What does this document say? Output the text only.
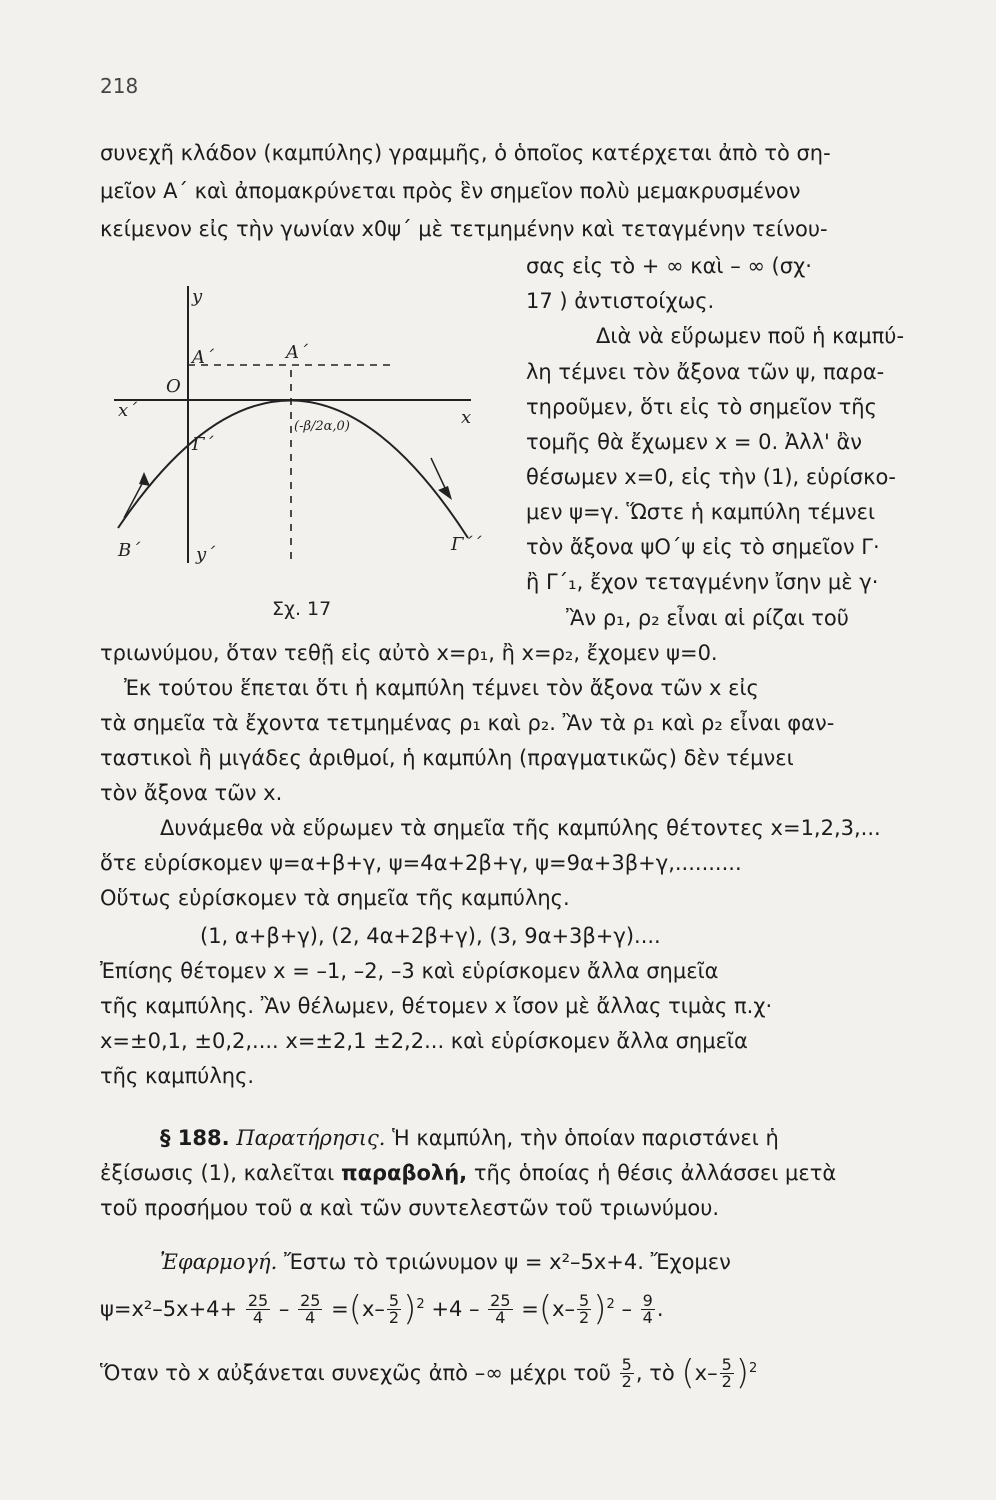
218
συνεχῆ κλάδον (καμπύλης) γραμμῆς, ὁ ὁποῖος κατέρχεται ἀπὸ τὸ ση-
μεῖον Α΄ καὶ ἀπομακρύνεται πρὸς ἓν σημεῖον πολὺ μεμακρυσμένον
κείμενον εἰς τὴν γωνίαν x0ψ΄ μὲ τετμημένην καὶ τεταγμένην τείνου-
σας εἰς τὸ + ∞ καὶ – ∞ (σχ·
17 ) ἀντιστοίχως.
Διὰ νὰ εὕρωμεν ποῦ ἡ καμπύ-
λη τέμνει τὸν ἄξονα τῶν ψ, παρα-
τηροῦμεν, ὅτι εἰς τὸ σημεῖον τῆς
τομῆς θὰ ἔχωμεν x = 0. Ἀλλ' ἂν
θέσωμεν x=0, εἰς τὴν (1), εὑρίσκο-
μεν ψ=γ. Ὥστε ἡ καμπύλη τέμνει
τὸν ἄξονα ψΟ΄ψ εἰς τὸ σημεῖον Γ·
ἢ Γ΄₁, ἔχον τεταγμένην ἴσην μὲ γ·
Ἂν ρ₁, ρ₂ εἶναι αἱ ρίζαι τοῦ
τριωνύμου, ὅταν τεθῇ εἰς αὐτὸ x=ρ₁, ἢ x=ρ₂, ἔχομεν ψ=0.
Ἐκ τούτου ἕπεται ὅτι ἡ καμπύλη τέμνει τὸν ἄξονα τῶν x εἰς
τὰ σημεῖα τὰ ἔχοντα τετμημένας ρ₁ καὶ ρ₂. Ἂν τὰ ρ₁ καὶ ρ₂ εἶναι φαν-
ταστικοὶ ἢ μιγάδες ἀριθμοί, ἡ καμπύλη (πραγματικῶς) δὲν τέμνει
τὸν ἄξονα τῶν x.
Δυνάμεθα νὰ εὕρωμεν τὰ σημεῖα τῆς καμπύλης θέτοντες x=1,2,3,...
ὅτε εὑρίσκομεν ψ=α+β+γ, ψ=4α+2β+γ, ψ=9α+3β+γ,..........
Οὕτως εὑρίσκομεν τὰ σημεῖα τῆς καμπύλης.
(1, α+β+γ), (2, 4α+2β+γ), (3, 9α+3β+γ)....
Ἐπίσης θέτομεν x = –1, –2, –3 καὶ εὑρίσκομεν ἄλλα σημεῖα
τῆς καμπύλης. Ἂν θέλωμεν, θέτομεν x ἴσον μὲ ἄλλας τιμὰς π.χ·
x=±0,1, ±0,2,.... x=±2,1 ±2,2... καὶ εὑρίσκομεν ἄλλα σημεῖα
τῆς καμπύλης.
§ 188. Παρατήρησις. Ἡ καμπύλη, τὴν ὁποίαν παριστάνει ἡ
ἐξίσωσις (1), καλεῖται παραβολή, τῆς ὁποίας ἡ θέσις ἀλλάσσει μετὰ
τοῦ προσήμου τοῦ α καὶ τῶν συντελεστῶν τοῦ τριωνύμου.
Ἐφαρμογή. Ἔστω τὸ τριώνυμον ψ = x²–5x+4. Ἔχομεν
$\psi=x^2-5x+4+ \frac{25}{4} - \frac{25}{4} =(x- \frac{5}{2} )^2 +4 - \frac{25}{4} =(x- \frac{5}{2} )^2 - \frac{9}{4}$ .
Ὅταν τὸ x αὐξάνεται συνεχῶς ἀπὸ –∞ μέχρι τοῦ $\frac{5}{2}$ , τὸ $(x- \frac{5}{2} )^2$
y
Α΄	Α΄
O
x΄	x
(-β/2α,0)
Γ΄
Β΄	y΄	Γ΄΄
Σχ. 17
